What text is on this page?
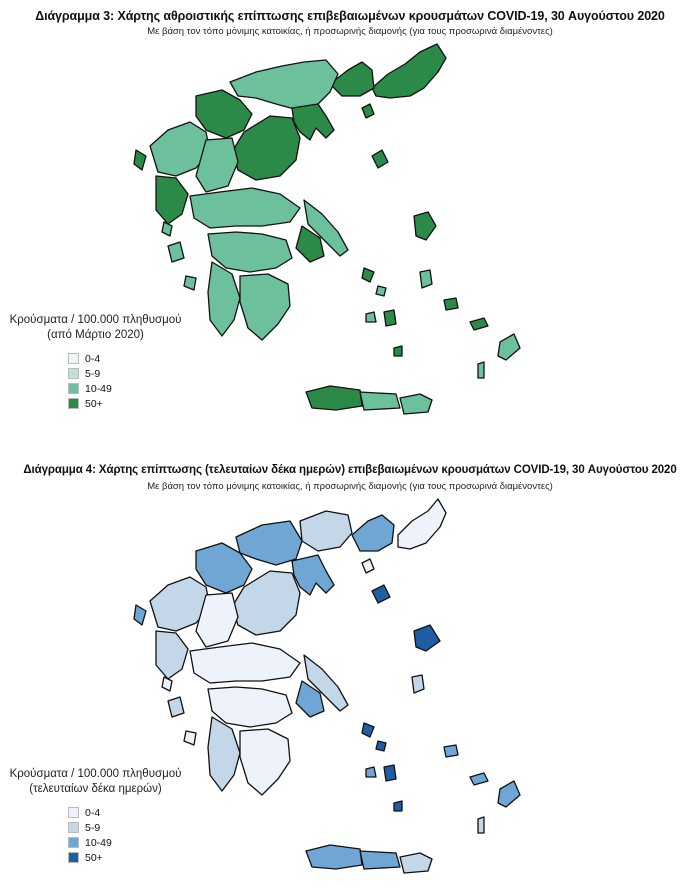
Διάγραμμα 3: Χάρτης αθροιστικής επίπτωσης επιβεβαιωμένων κρουσμάτων COVID-19, 30 Αυγούστου 2020
Με βάση τον τόπο μόνιμης κατοικίας, ή προσωρινής διαμονής (για τους προσωρινά διαμένοντες)
Κρούσματα / 100.000 πληθυσμού
(από Μάρτιο 2020)
0-4
5-9
10-49
50+
Διάγραμμα 4: Χάρτης επίπτωσης (τελευταίων δέκα ημερών) επιβεβαιωμένων κρουσμάτων COVID-19, 30 Αυγούστου 2020
Με βάση τον τόπο μόνιμης κατοικίας, ή προσωρινής διαμονής (για τους προσωρινά διαμένοντες)
Κρούσματα / 100.000 πληθυσμού
(τελευταίων δέκα ημερών)
0-4
5-9
10-49
50+
